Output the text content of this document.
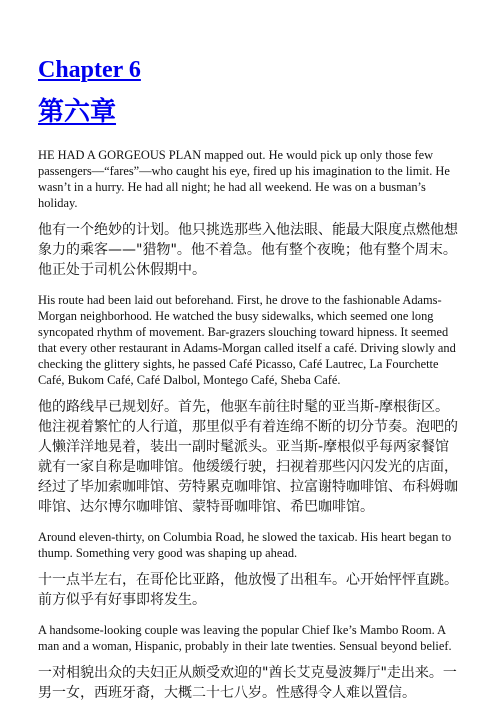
Chapter 6
第六章

HE HAD A GORGEOUS PLAN mapped out. He would pick up only those few passengers—“fares”—who caught his eye, fired up his imagination to the limit. He wasn’t in a hurry. He had all night; he had all weekend. He was on a busman’s holiday.

他有一个绝妙的计划。他只挑选那些入他法眼、能最大限度点燃他想象力的乘客——"猎物"。他不着急。他有整个夜晚；他有整个周末。他正处于司机公休假期中。

His route had been laid out beforehand. First, he drove to the fashionable Adams-Morgan neighborhood. He watched the busy sidewalks, which seemed one long syncopated rhythm of movement. Bar-grazers slouching toward hipness. It seemed that every other restaurant in Adams-Morgan called itself a café. Driving slowly and checking the glittery sights, he passed Café Picasso, Café Lautrec, La Fourchette Café, Bukom Café, Café Dalbol, Montego Café, Sheba Café.

他的路线早已规划好。首先，他驱车前往时髦的亚当斯-摩根街区。他注视着繁忙的人行道，那里似乎有着连绵不断的切分节奏。泡吧的人懒洋洋地晃着，装出一副时髦派头。亚当斯-摩根似乎每两家餐馆就有一家自称是咖啡馆。他缓缓行驶，扫视着那些闪闪发光的店面，经过了毕加索咖啡馆、劳特累克咖啡馆、拉富谢特咖啡馆、布科姆咖啡馆、达尔博尔咖啡馆、蒙特哥咖啡馆、希巴咖啡馆。

Around eleven-thirty, on Columbia Road, he slowed the taxicab. His heart began to thump. Something very good was shaping up ahead.

十一点半左右，在哥伦比亚路，他放慢了出租车。心开始怦怦直跳。前方似乎有好事即将发生。

A handsome-looking couple was leaving the popular Chief Ike’s Mambo Room. A man and a woman, Hispanic, probably in their late twenties. Sensual beyond belief.

一对相貌出众的夫妇正从颇受欢迎的"酋长艾克曼波舞厅"走出来。一男一女，西班牙裔，大概二十七八岁。性感得令人难以置信。
